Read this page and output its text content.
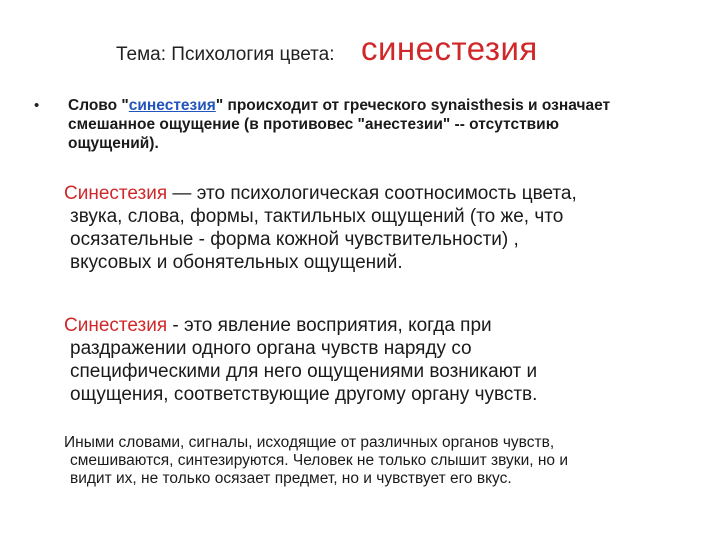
Тема: Психология цвета: синестезия
• Слово "синестезия" происходит от греческого synaisthesis и означает
смешанное ощущение (в противовес "анестезии" -- отсутствию
ощущений).
Синестезия — это психологическая соотносимость цвета,
звука, слова, формы, тактильных ощущений (то же, что
осязательные - форма кожной чувствительности) ,
вкусовых и обонятельных ощущений.
Синестезия - это явление восприятия, когда при
раздражении одного органа чувств наряду со
специфическими для него ощущениями возникают и
ощущения, соответствующие другому органу чувств.
Иными словами, сигналы, исходящие от различных органов чувств,
смешиваются, синтезируются. Человек не только слышит звуки, но и
видит их, не только осязает предмет, но и чувствует его вкус.
